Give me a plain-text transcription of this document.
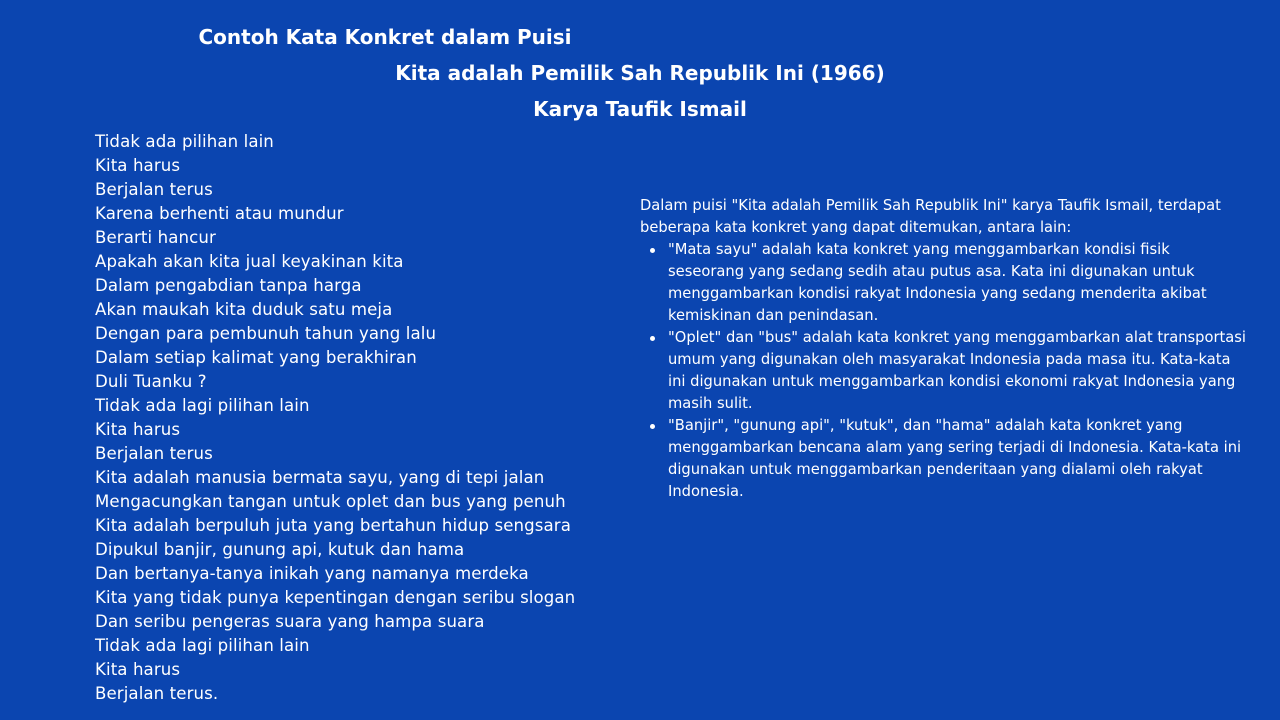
Contoh Kata Konkret dalam Puisi
Kita adalah Pemilik Sah Republik Ini (1966)
Karya Taufik Ismail
Tidak ada pilihan lain
Kita harus
Berjalan terus
Karena berhenti atau mundur
Berarti hancur
Apakah akan kita jual keyakinan kita
Dalam pengabdian tanpa harga
Akan maukah kita duduk satu meja
Dengan para pembunuh tahun yang lalu
Dalam setiap kalimat yang berakhiran
Duli Tuanku ?
Tidak ada lagi pilihan lain
Kita harus
Berjalan terus
Kita adalah manusia bermata sayu, yang di tepi jalan
Mengacungkan tangan untuk oplet dan bus yang penuh
Kita adalah berpuluh juta yang bertahun hidup sengsara
Dipukul banjir, gunung api, kutuk dan hama
Dan bertanya-tanya inikah yang namanya merdeka
Kita yang tidak punya kepentingan dengan seribu slogan
Dan seribu pengeras suara yang hampa suara
Tidak ada lagi pilihan lain
Kita harus
Berjalan terus.

Dalam puisi "Kita adalah Pemilik Sah Republik Ini" karya Taufik Ismail, terdapat beberapa kata konkret yang dapat ditemukan, antara lain:

"Mata sayu" adalah kata konkret yang menggambarkan kondisi fisik seseorang yang sedang sedih atau putus asa. Kata ini digunakan untuk menggambarkan kondisi rakyat Indonesia yang sedang menderita akibat kemiskinan dan penindasan.
"Oplet" dan "bus" adalah kata konkret yang menggambarkan alat transportasi umum yang digunakan oleh masyarakat Indonesia pada masa itu. Kata-kata ini digunakan untuk menggambarkan kondisi ekonomi rakyat Indonesia yang masih sulit.
"Banjir", "gunung api", "kutuk", dan "hama" adalah kata konkret yang menggambarkan bencana alam yang sering terjadi di Indonesia. Kata-kata ini digunakan untuk menggambarkan penderitaan yang dialami oleh rakyat Indonesia.
